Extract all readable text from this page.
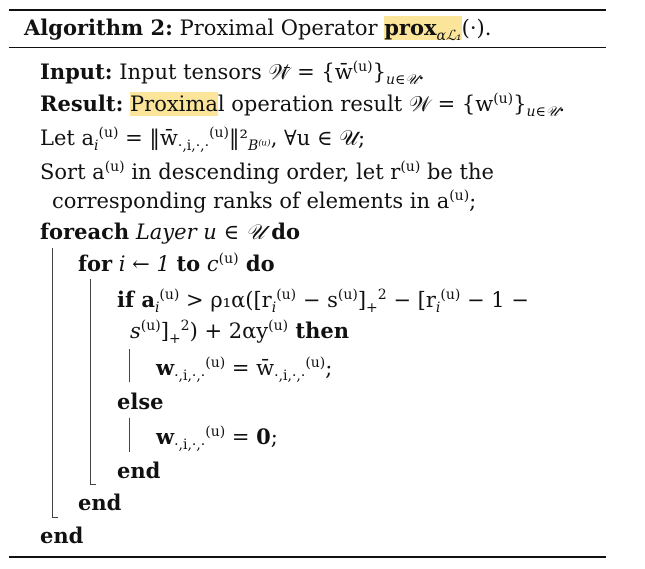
Algorithm 2: Proximal Operator prox$_{\alpha ℒ_1}$(·).
Input: Input tensors 𝒲̄ = $\{w̄^{(u)}\}_{u\in 𝒰}$.
Result: Proximal operation result 𝒲 = $\{w^{(u)}\}_{u\in 𝒰}$.
Let $a_i^{(u)}$ = $‖w̄_{\cdot,i,\cdot,\cdot}^{(u)}‖^2_{B^(ᵘ^)}$, ∀u ∈ 𝒰;
Sort $a^{(u)}$ in descending order, let $r^{(u)}$ be the
corresponding ranks of elements in $a^{(u)}$;
foreach Layer u ∈ 𝒰 do
for i ← 1 to $c^{(u)}$ do
if $a_i^{(u)} > \rho_1\alpha([r_i^{(u)} - s^{(u)}]_+^2 - [r_i^{(u)} - 1$ −
$s^{(u)}]_+^2) + 2\alpha y^{(u)}$ then
$w_{\cdot,i,\cdot,\cdot}^{(u)}$ = $w̄_{\cdot,i,\cdot,\cdot}^{(u)}$;
else
$w_{\cdot,i,\cdot,\cdot}^{(u)} = 0$;
end
end
end
